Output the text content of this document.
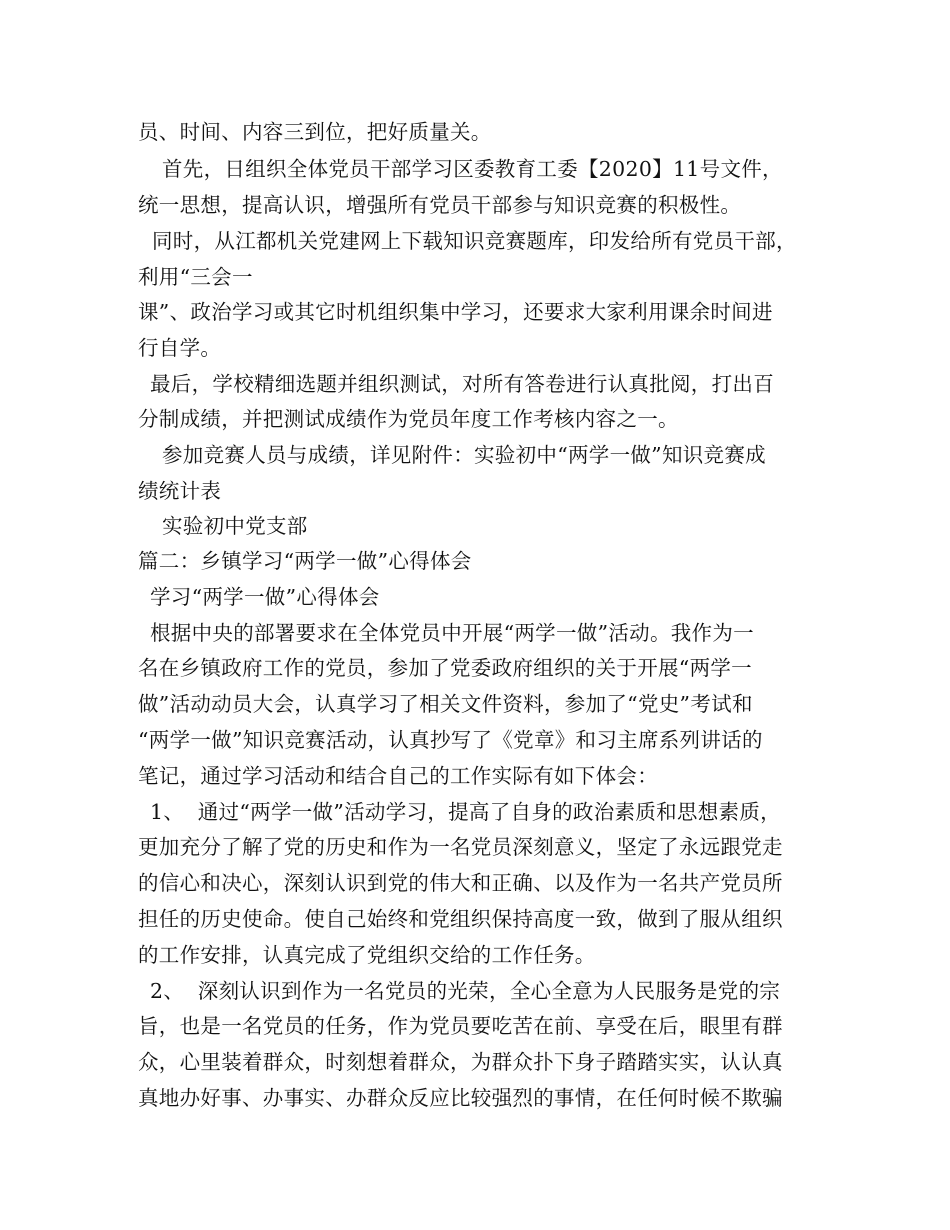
员、时间、内容三到位，把好质量关。
首先，日组织全体党员干部学习区委教育工委【2020】11号文件，
统一思想，提高认识，增强所有党员干部参与知识竞赛的积极性。
同时，从江都机关党建网上下载知识竞赛题库，印发给所有党员干部，
利用“三会一
课”、政治学习或其它时机组织集中学习，还要求大家利用课余时间进
行自学。
最后，学校精细选题并组织测试，对所有答卷进行认真批阅，打出百
分制成绩，并把测试成绩作为党员年度工作考核内容之一。
参加竞赛人员与成绩，详见附件：实验初中“两学一做”知识竞赛成
绩统计表
实验初中党支部
篇二：乡镇学习“两学一做”心得体会
学习“两学一做”心得体会
根据中央的部署要求在全体党员中开展“两学一做”活动。我作为一
名在乡镇政府工作的党员，参加了党委政府组织的关于开展“两学一
做”活动动员大会，认真学习了相关文件资料，参加了“党史”考试和
“两学一做”知识竞赛活动，认真抄写了《党章》和习主席系列讲话的
笔记，通过学习活动和结合自己的工作实际有如下体会：
1、  通过“两学一做”活动学习，提高了自身的政治素质和思想素质，
更加充分了解了党的历史和作为一名党员深刻意义，坚定了永远跟党走
的信心和决心，深刻认识到党的伟大和正确、以及作为一名共产党员所
担任的历史使命。使自己始终和党组织保持高度一致，做到了服从组织
的工作安排，认真完成了党组织交给的工作任务。
2、  深刻认识到作为一名党员的光荣，全心全意为人民服务是党的宗
旨，也是一名党员的任务，作为党员要吃苦在前、享受在后，眼里有群
众，心里装着群众，时刻想着群众，为群众扑下身子踏踏实实，认认真
真地办好事、办事实、办群众反应比较强烈的事情，在任何时候不欺骗
